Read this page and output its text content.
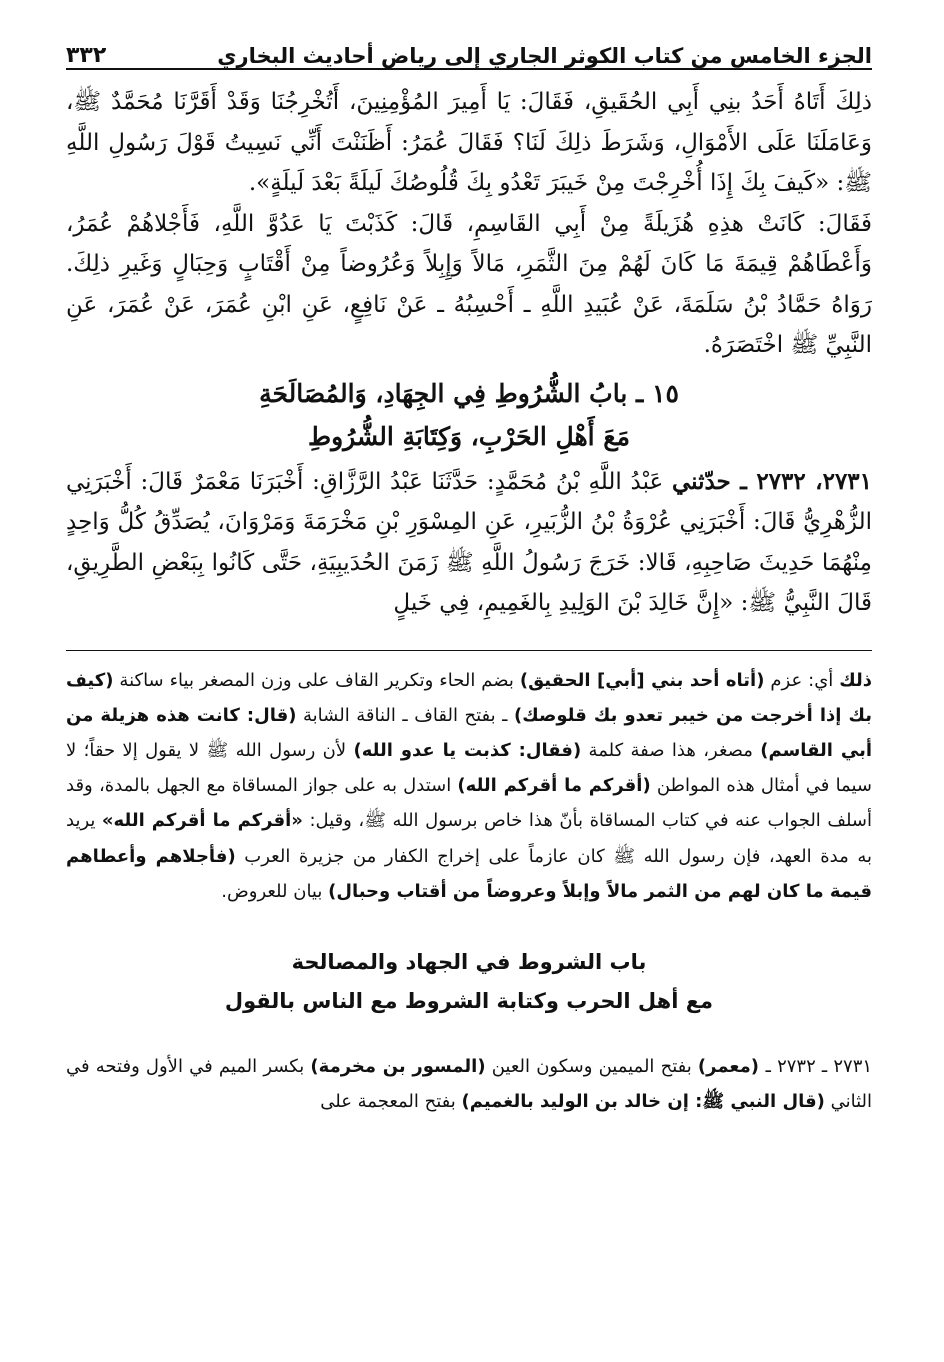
الجزء الخامس من كتاب الكوثر الجاري إلى رياض أحاديث البخاري
٣٣٢

ذلِكَ أَتَاهُ أَحَدُ بنِي أَبِي الحُقَيقِ، فَقَالَ: يَا أَمِيرَ المُؤْمِنِينَ، أَتُخْرِجُنَا وَقَدْ أَقَرَّنَا مُحَمَّدٌ ﷺ، وَعَامَلَنَا عَلَى الأَمْوَالِ، وَشَرَطَ ذلِكَ لَنَا؟ فَقَالَ عُمَرُ: أَظَنَنْتَ أَنِّي نَسِيتُ قَوْلَ رَسُولِ اللَّهِ ﷺ: «كَيفَ بِكَ إِذَا أُخْرِجْتَ مِنْ خَيبَرَ تَعْدُو بِكَ قُلُوصُكَ لَيلَةً بَعْدَ لَيلَةٍ».

فَقَالَ: كَانَتْ هذِهِ هُزَيلَةً مِنْ أَبِي القَاسِمِ، قَالَ: كَذَبْتَ يَا عَدُوَّ اللَّهِ، فَأَجْلاهُمْ عُمَرُ، وَأَعْطَاهُمْ قِيمَةَ مَا كَانَ لَهُمْ مِنَ الثَّمَرِ، مَالاً وَإِبِلاً وَعُرُوضاً مِنْ أَقْتَابٍ وَحِبَالٍ وَغَيرِ ذلِكَ. رَوَاهُ حَمَّادُ بْنُ سَلَمَةَ، عَنْ عُبَيدِ اللَّهِ ـ أَحْسِبُهُ ـ عَنْ نَافِعٍ، عَنِ ابْنِ عُمَرَ، عَنْ عُمَرَ، عَنِ النَّبِيِّ ﷺ اخْتَصَرَهُ.

١٥ ـ بابُ الشُّرُوطِ فِي الجِهَادِ، وَالمُصَالَحَةِ
مَعَ أَهْلِ الحَرْبِ، وَكِتَابَةِ الشُّرُوطِ

٢٧٣١، ٢٧٣٢ ـ حدّثني عَبْدُ اللَّهِ بْنُ مُحَمَّدٍ: حَدَّثَنَا عَبْدُ الرَّزَّاقِ: أَخْبَرَنَا مَعْمَرٌ قَالَ: أَخْبَرَنِي الزُّهْرِيُّ قَالَ: أَخْبَرَنِي عُرْوَةُ بْنُ الزُّبَيرِ، عَنِ المِسْوَرِ بْنِ مَخْرَمَةَ وَمَرْوَانَ، يُصَدِّقُ كُلُّ وَاحِدٍ مِنْهُمَا حَدِيثَ صَاحِبِهِ، قَالا: خَرَجَ رَسُولُ اللَّهِ ﷺ زَمَنَ الحُدَيبِيَةِ، حَتَّى كَانُوا بِبَعْضِ الطَّرِيقِ، قَالَ النَّبِيُّ ﷺ: «إِنَّ خَالِدَ بْنَ الوَلِيدِ بِالغَمِيمِ، فِي خَيلٍ

ذلك أي: عزم (أتاه أحد بني [أبي] الحقيق) بضم الحاء وتكرير القاف على وزن المصغر بياء ساكنة (كيف بك إذا أخرجت من خيبر تعدو بك قلوصك) ـ بفتح القاف ـ الناقة الشابة (قال: كانت هذه هزيلة من أبي القاسم) مصغر، هذا صفة كلمة (فقال: كذبت يا عدو الله) لأن رسول الله ﷺ لا يقول إلا حقاً؛ لا سيما في أمثال هذه المواطن (أقركم ما أقركم الله) استدل به على جواز المساقاة مع الجهل بالمدة، وقد أسلف الجواب عنه في كتاب المساقاة بأنّ هذا خاص برسول الله ﷺ، وقيل: «أقركم ما أقركم الله» يريد به مدة العهد، فإن رسول الله ﷺ كان عازماً على إخراج الكفار من جزيرة العرب (فأجلاهم وأعطاهم قيمة ما كان لهم من الثمر مالاً وإبلاً وعروضاً من أقتاب وحبال) بيان للعروض.

باب الشروط في الجهاد والمصالحة
مع أهل الحرب وكتابة الشروط مع الناس بالقول

٢٧٣١ ـ ٢٧٣٢ ـ (معمر) بفتح الميمين وسكون العين (المسور بن مخرمة) بكسر الميم في الأول وفتحه في الثاني (قال النبي ﷺ: إن خالد بن الوليد بالغميم) بفتح المعجمة على
